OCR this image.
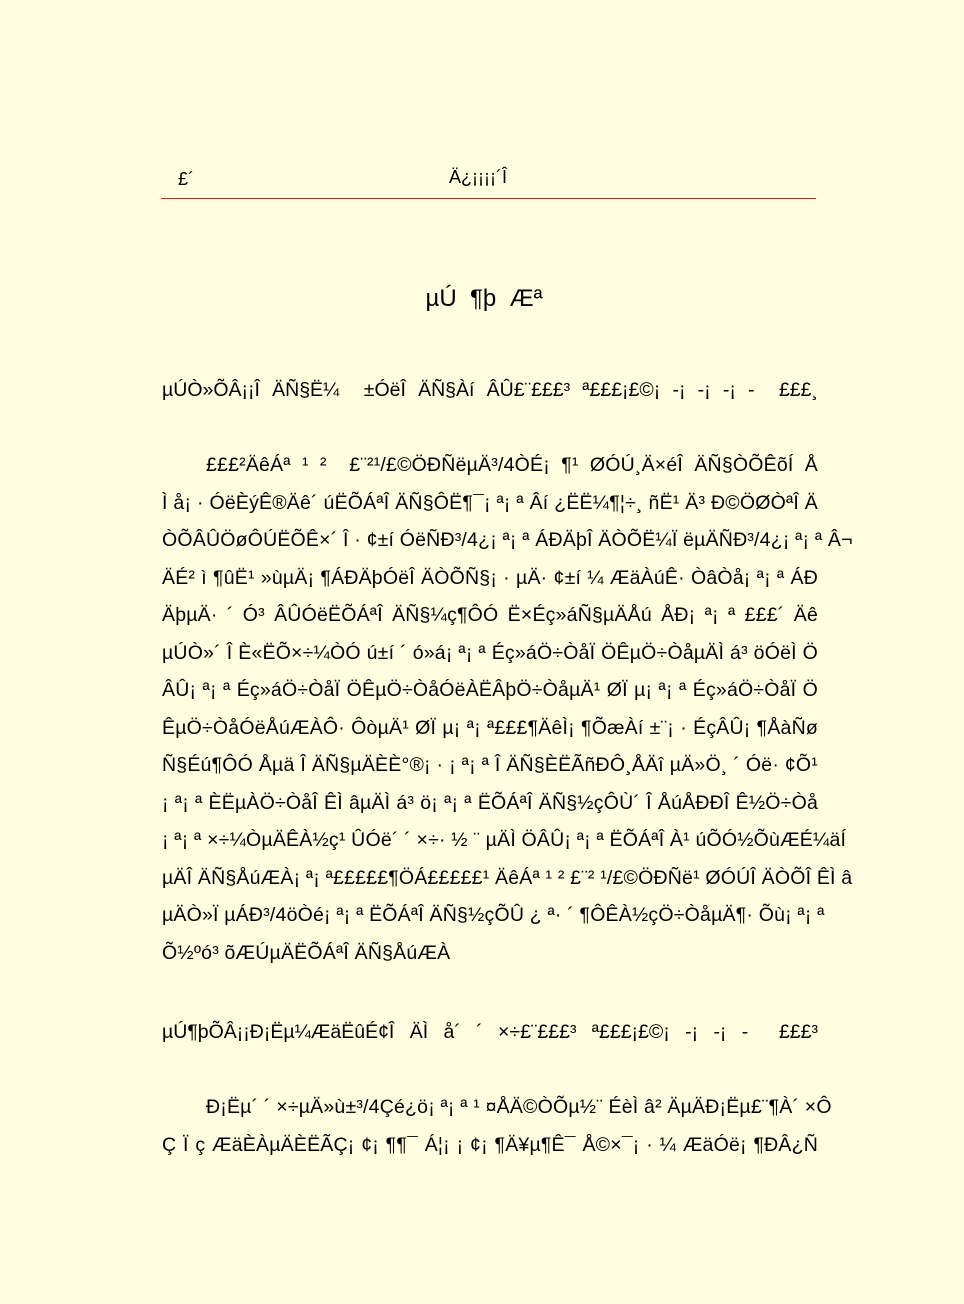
£´	Ä¿¡¡¡¡´Î
µÚ  ¶þ  Æª
µÚÒ»ÕÂ¡¡Î ÄÑ§Ë¼  ±ÓëÎ ÄÑ§Àí ÂÛ£¨£££³ ª£££¡£©¡ -¡ -¡ -¡ -  £££¸
£££²ÄêÁª ¹ ²  £¨²¹/£©ÖÐÑëµÄ³/4ÒÉ¡ ¶¹ ØÓÚ¸Ä×éÎ ÄÑ§ÒÕÊõÍ Å
Ì å¡ · ÓëÈýÊ®Äê´ úËÕÁªÎ ÄÑ§ÔË¶¯¡ ª¡ ª Âí ¿ËË¼¶¦÷¸ ñË¹ Ä³ Ð©ÖØÒªÎ Ä
ÒÕÂÛÖøÔÚËÕÊ×´ Î · ¢±í ÓëÑÐ³/4¿¡ ª¡ ª ÁÐÄþÎ ÄÒÕË¼Ï ëµÄÑÐ³/4¿¡ ª¡ ª Â¬
ÄÉ² ì ¶ûË¹ »ùµÄ¡ ¶ÁÐÄþÓëÎ ÄÒÕÑ§¡ · µÄ· ¢±í ¼ ÆäÀúÊ· ÒâÒå¡ ª¡ ª ÁÐ
ÄþµÄ· ´ Ó³ ÂÛÓëËÕÁªÎ ÄÑ§¼ç¶ÔÓ Ë×Éç»áÑ§µÄÅú ÅÐ¡ ª¡ ª £££´ Äê
µÚÒ»´ Î È«ËÕ×÷¼ÒÓ ú±í ´ ó»á¡ ª¡ ª Éç»áÖ÷ÒåÏ ÖÊµÖ÷ÒåµÄÌ á³ öÓëÌ Ö
ÂÛ¡ ª¡ ª Éç»áÖ÷ÒåÏ ÖÊµÖ÷ÒåÓëÀËÂþÖ÷ÒåµÄ¹ ØÏ µ¡ ª¡ ª Éç»áÖ÷ÒåÏ Ö
ÊµÖ÷ÒåÓëÅúÆÀÔ· ÔòµÄ¹ ØÏ µ¡ ª¡ ª£££¶ÄêÌ¡ ¶ÕæÀí ±¨¡ · ÉçÂÛ¡ ¶ÅàÑø
Ñ§Éú¶ÔÓ Åµä Î ÄÑ§µÄÈÈ°®¡ · ¡ ª¡ ª Î ÄÑ§ÈËÃñÐÔ¸ÅÄî µÄ»Ö¸ ´ Óë· ¢Õ¹
¡ ª¡ ª ÈËµÀÖ÷ÒåÎ ÊÌ âµÄÌ á³ ö¡ ª¡ ª ËÕÁªÎ ÄÑ§½çÔÙ´ Î ÅúÅÐÐÎ Ê½Ö÷Òå
¡ ª¡ ª ×÷¼ÒµÄÊÀ½ç¹ ÛÓë´ ´ ×÷· ½ ¨ µÄÌ ÖÂÛ¡ ª¡ ª ËÕÁªÎ À¹ úÕÓ½ÕùÆÉ¼äÍ
µÄÎ ÄÑ§ÅúÆÀ¡ ª¡ ª£££££¶ÖÁ£££££¹ ÄêÁª ¹ ² £¨² ¹/£©ÖÐÑë¹ ØÓÚÎ ÄÒÕÎ ÊÌ â
µÄÒ»Ï µÁÐ³/4öÒé¡ ª¡ ª ËÕÁªÎ ÄÑ§½çÕÛ ¿ ª· ´ ¶ÔÊÀ½çÖ÷ÒåµÄ¶· Õù¡ ª¡ ª
Õ½ºó³ õÆÚµÄËÕÁªÎ ÄÑ§ÅúÆÀ
µÚ¶þÕÂ¡¡Ð¡Ëµ¼ÆäËûÉ¢Î ÄÌ å´ ´ ×÷£¨£££³ ª£££¡£©¡ -¡ -¡ -  £££³
Ð¡Ëµ´ ´ ×÷µÄ»ù±³/4Çé¿ö¡ ª¡ ª ¹ ¤ÅÄ©ÒÕµ½¨ ÉèÌ â² ÄµÄÐ¡Ëµ£¨¶À´ ×Ô
Ç Ï ç ÆäÈÀµÄÈËÃÇ¡ ¢¡ ¶¶¯ Á¦¡ ¡ ¢¡ ¶Ä¥µ¶Ê¯ Å©×¯¡ · ¼ ÆäÓë¡ ¶ÐÂ¿Ñ
